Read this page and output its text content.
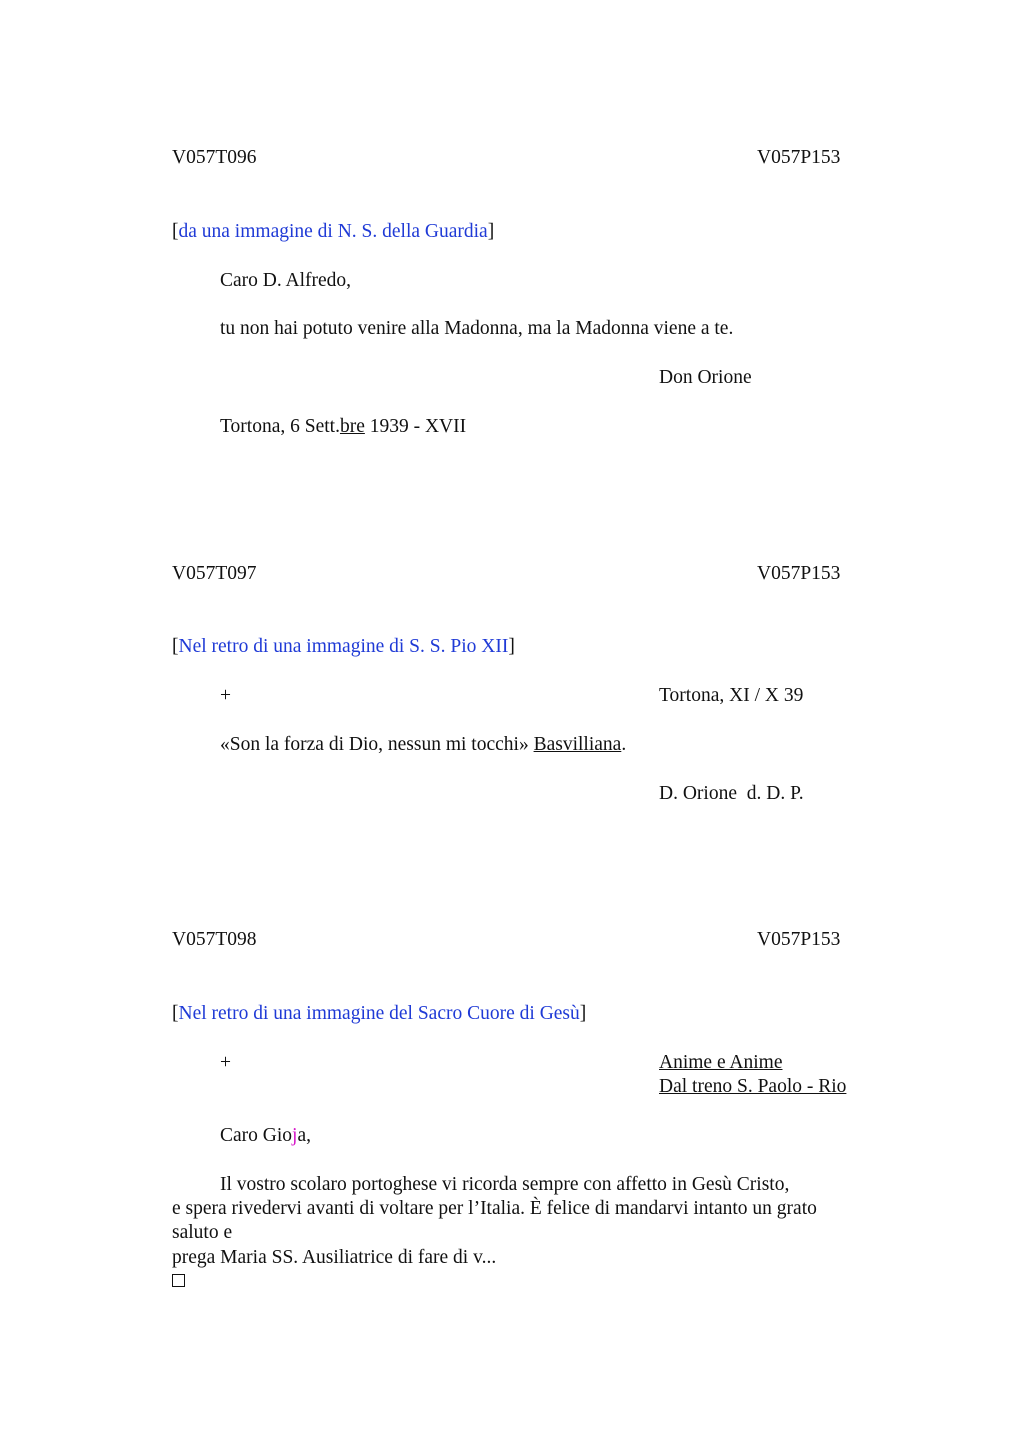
V057T096	V057P153
[da una immagine di N. S. della Guardia]
Caro D. Alfredo,
tu non hai potuto venire alla Madonna, ma la Madonna viene a te.
Don Orione
Tortona, 6 Sett.bre 1939 - XVII
V057T097	V057P153
[Nel retro di una immagine di S. S. Pio XII]
+	Tortona, XI / X 39
«Son la forza di Dio, nessun mi tocchi» Basvilliana.
D. Orione  d. D. P.
V057T098	V057P153
[Nel retro di una immagine del Sacro Cuore di Gesù]
+	Anime e Anime
Dal treno S. Paolo - Rio
Caro Gioja,
Il vostro scolaro portoghese vi ricorda sempre con affetto in Gesù Cristo,
e spera rivedervi avanti di voltare per l’Italia. È felice di mandarvi intanto un grato
saluto e
prega Maria SS. Ausiliatrice di fare di v...
